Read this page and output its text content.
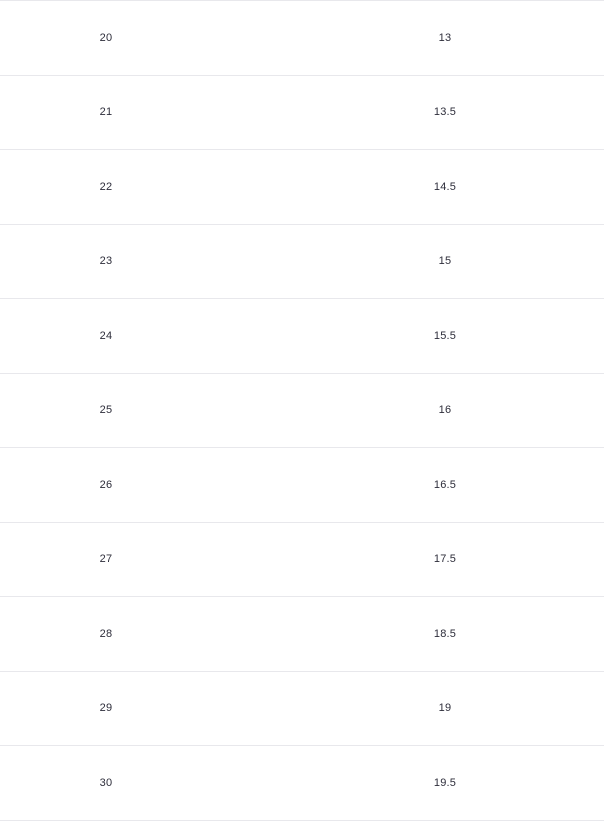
20	13

21	13.5

22	14.5

23	15

24	15.5

25	16

26	16.5

27	17.5

28	18.5

29	19

30	19.5
